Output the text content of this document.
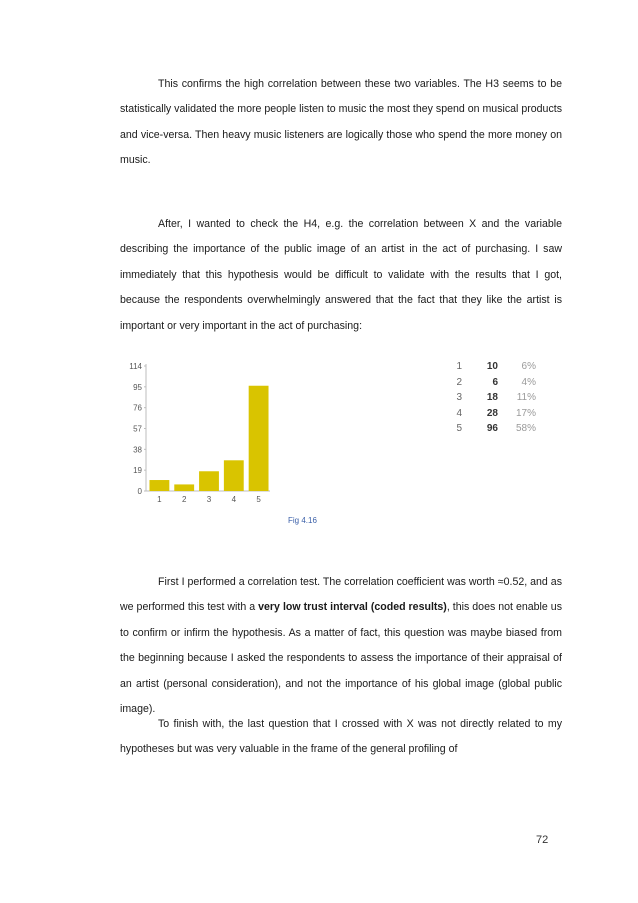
This confirms the high correlation between these two variables. The H3 seems to be statistically validated the more people listen to music the most they spend on musical products and vice-versa. Then heavy music listeners are logically those who spend the more money on music.

After, I wanted to check the H4, e.g. the correlation between X and the variable describing the importance of the public image of an artist in the act of purchasing. I saw immediately that this hypothesis would be difficult to validate with the results that I got, because the respondents overwhelmingly answered that the fact that they like the artist is important or very important in the act of purchasing:

114
95
76
57
38
19
0
1	2	3	4	5
1	10	6%
2	6	4%
3	18	11%
4	28	17%
5	96	58%
Fig 4.16

First I performed a correlation test. The correlation coefficient was worth ≈0.52, and as we performed this test with a very low trust interval (coded results), this does not enable us to confirm or infirm the hypothesis. As a matter of fact, this question was maybe biased from the beginning because I asked the respondents to assess the importance of their appraisal of an artist (personal consideration), and not the importance of his global image (global public image).

To finish with, the last question that I crossed with X was not directly related to my hypotheses but was very valuable in the frame of the general profiling of

72
